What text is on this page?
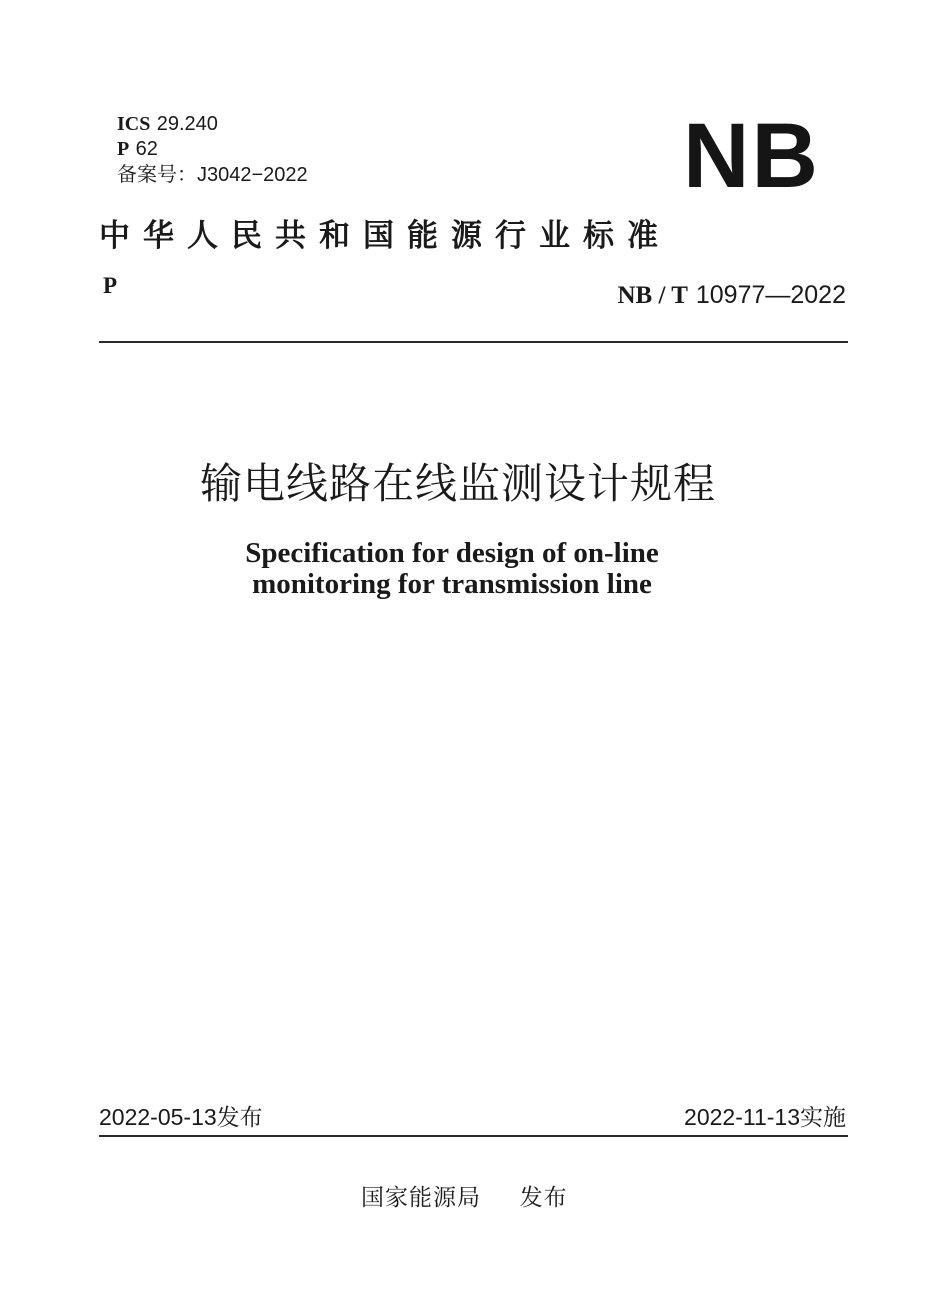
ICS 29.240
P 62
备案号：J3042−2022	NB
中华人民共和国能源行业标准
P	NB / T 10977—2022
输电线路在线监测设计规程
Specification for design of on-line
monitoring for transmission line
2022-05-13发布	2022-11-13实施
国家能源局 发布
